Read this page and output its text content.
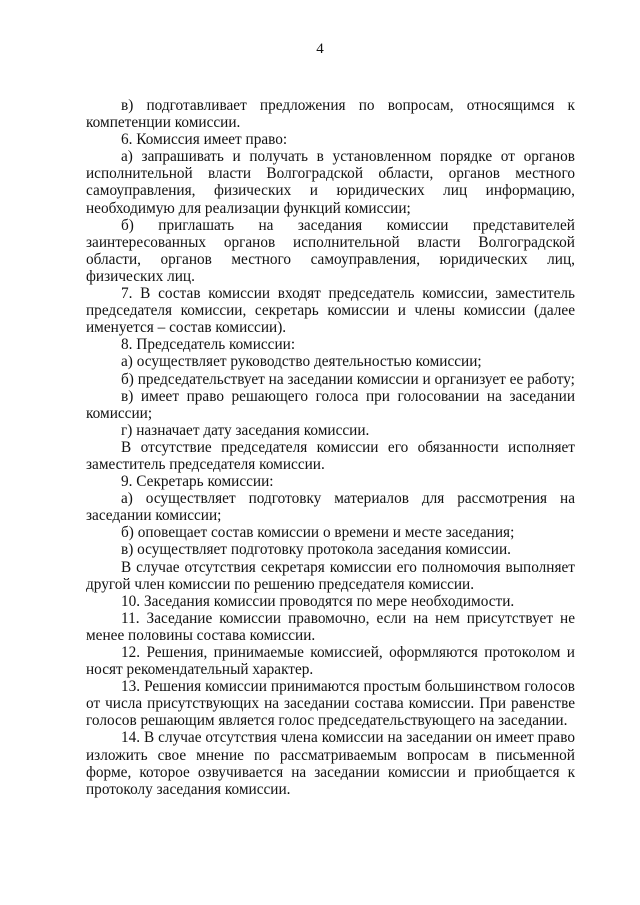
4

в) подготавливает предложения по вопросам, относящимся к компетенции комиссии.

6. Комиссия имеет право:

а) запрашивать и получать в установленном порядке от органов исполнительной власти Волгоградской области, органов местного самоуправления, физических и юридических лиц информацию, необходимую для реализации функций комиссии;

б) приглашать на заседания комиссии представителей заинтересованных органов исполнительной власти Волгоградской области, органов местного самоуправления, юридических лиц, физических лиц.

7. В состав комиссии входят председатель комиссии, заместитель председателя комиссии, секретарь комиссии и члены комиссии (далее именуется – состав комиссии).

8. Председатель комиссии:

а) осуществляет руководство деятельностью комиссии;

б) председательствует на заседании комиссии и организует ее работу;

в) имеет право решающего голоса при голосовании на заседании комиссии;

г) назначает дату заседания комиссии.

В отсутствие председателя комиссии его обязанности исполняет заместитель председателя комиссии.

9. Секретарь комиссии:

а) осуществляет подготовку материалов для рассмотрения на заседании комиссии;

б) оповещает состав комиссии о времени и месте заседания;

в) осуществляет подготовку протокола заседания комиссии.

В случае отсутствия секретаря комиссии его полномочия выполняет другой член комиссии по решению председателя комиссии.

10. Заседания комиссии проводятся по мере необходимости.

11. Заседание комиссии правомочно, если на нем присутствует не менее половины состава комиссии.

12. Решения, принимаемые комиссией, оформляются протоколом и носят рекомендательный характер.

13. Решения комиссии принимаются простым большинством голосов от числа присутствующих на заседании состава комиссии. При равенстве голосов решающим является голос председательствующего на заседании.

14. В случае отсутствия члена комиссии на заседании он имеет право изложить свое мнение по рассматриваемым вопросам в письменной форме, которое озвучивается на заседании комиссии и приобщается к протоколу заседания комиссии.
